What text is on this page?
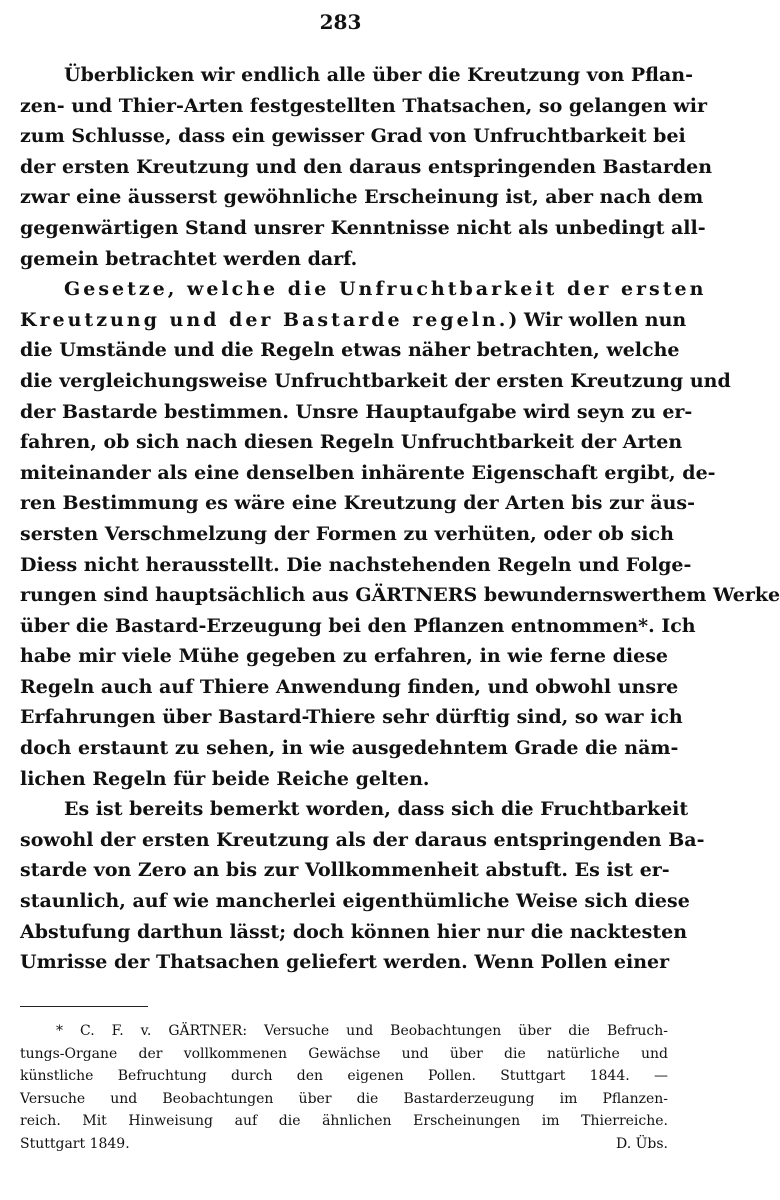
283
Überblicken wir endlich alle über die Kreutzung von Pflan-
zen- und Thier-Arten festgestellten Thatsachen, so gelangen wir
zum Schlusse, dass ein gewisser Grad von Unfruchtbarkeit bei
der ersten Kreutzung und den daraus entspringenden Bastarden
zwar eine äusserst gewöhnliche Erscheinung ist, aber nach dem
gegenwärtigen Stand unsrer Kenntnisse nicht als unbedingt all-
gemein betrachtet werden darf.
Gesetze, welche die Unfruchtbarkeit der ersten
Kreutzung und der Bastarde regeln.) Wir wollen nun
die Umstände und die Regeln etwas näher betrachten, welche
die vergleichungsweise Unfruchtbarkeit der ersten Kreutzung und
der Bastarde bestimmen. Unsre Hauptaufgabe wird seyn zu er-
fahren, ob sich nach diesen Regeln Unfruchtbarkeit der Arten
miteinander als eine denselben inhärente Eigenschaft ergibt, de-
ren Bestimmung es wäre eine Kreutzung der Arten bis zur äus-
sersten Verschmelzung der Formen zu verhüten, oder ob sich
Diess nicht herausstellt. Die nachstehenden Regeln und Folge-
rungen sind hauptsächlich aus GÄRTNERS bewundernswerthem Werke
über die Bastard-Erzeugung bei den Pflanzen entnommen*. Ich
habe mir viele Mühe gegeben zu erfahren, in wie ferne diese
Regeln auch auf Thiere Anwendung finden, und obwohl unsre
Erfahrungen über Bastard-Thiere sehr dürftig sind, so war ich
doch erstaunt zu sehen, in wie ausgedehntem Grade die näm-
lichen Regeln für beide Reiche gelten.
Es ist bereits bemerkt worden, dass sich die Fruchtbarkeit
sowohl der ersten Kreutzung als der daraus entspringenden Ba-
starde von Zero an bis zur Vollkommenheit abstuft. Es ist er-
staunlich, auf wie mancherlei eigenthümliche Weise sich diese
Abstufung darthun lässt; doch können hier nur die nacktesten
Umrisse der Thatsachen geliefert werden. Wenn Pollen einer
* C. F. v. GÄRTNER: Versuche und Beobachtungen über die Befruch-
tungs-Organe der vollkommenen Gewächse und über die natürliche und
künstliche Befruchtung durch den eigenen Pollen. Stuttgart 1844. —
Versuche und Beobachtungen über die Bastarderzeugung im Pflanzen-
reich. Mit Hinweisung auf die ähnlichen Erscheinungen im Thierreiche.
Stuttgart 1849.	D. Übs.
